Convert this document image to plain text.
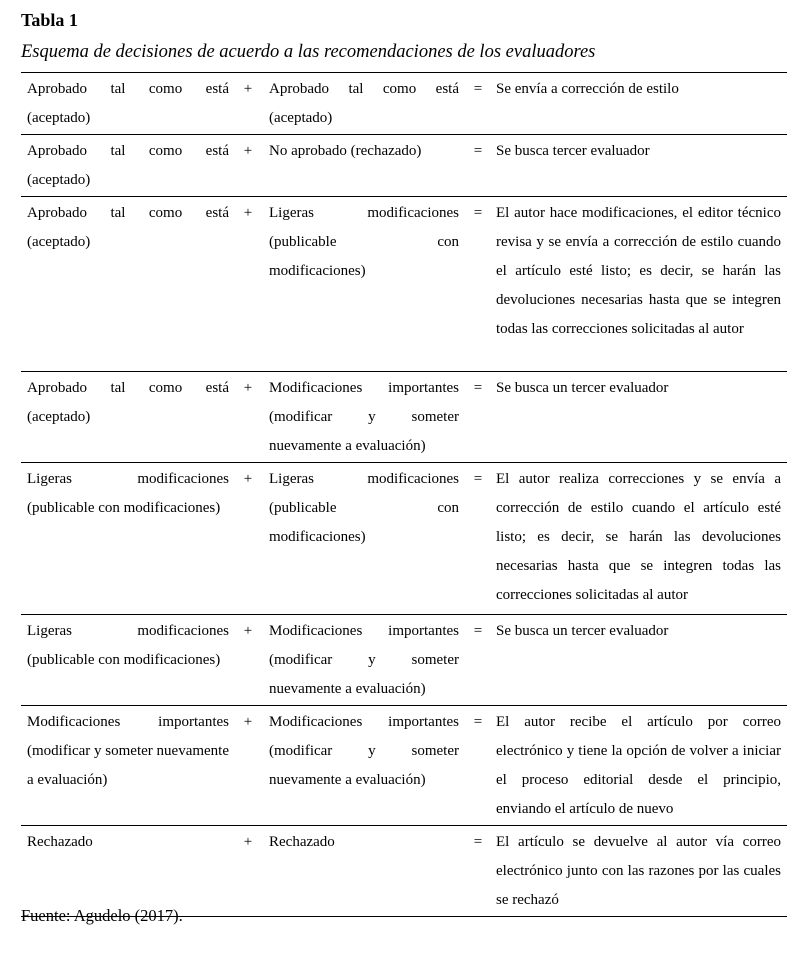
Tabla 1
Esquema de decisiones de acuerdo a las recomendaciones de los evaluadores
Aprobado tal como está (aceptado)	+	Aprobado tal como está (aceptado)	=	Se envía a corrección de estilo
Aprobado tal como está (aceptado)	+	No aprobado (rechazado)	=	Se busca tercer evaluador
Aprobado tal como está (aceptado)	+	Ligeras modificaciones (publicable con modificaciones)	=	El autor hace modificaciones, el editor técnico revisa y se envía a corrección de estilo cuando el artículo esté listo; es decir, se harán las devoluciones necesarias hasta que se integren todas las correcciones solicitadas al autor
Aprobado tal como está (aceptado)	+	Modificaciones importantes (modificar y someter nuevamente a evaluación)	=	Se busca un tercer evaluador
Ligeras modificaciones (publicable con modificaciones)	+	Ligeras modificaciones (publicable con modificaciones)	=	El autor realiza correcciones y se envía a corrección de estilo cuando el artículo esté listo; es decir, se harán las devoluciones necesarias hasta que se integren todas las correcciones solicitadas al autor
Ligeras modificaciones (publicable con modificaciones)	+	Modificaciones importantes (modificar y someter nuevamente a evaluación)	=	Se busca un tercer evaluador
Modificaciones importantes (modificar y someter nuevamente a evaluación)	+	Modificaciones importantes (modificar y someter nuevamente a evaluación)	=	El autor recibe el artículo por correo electrónico y tiene la opción de volver a iniciar el proceso editorial desde el principio, enviando el artículo de nuevo
Rechazado	+	Rechazado	=	El artículo se devuelve al autor vía correo electrónico junto con las razones por las cuales se rechazó
Fuente: Agudelo (2017).
